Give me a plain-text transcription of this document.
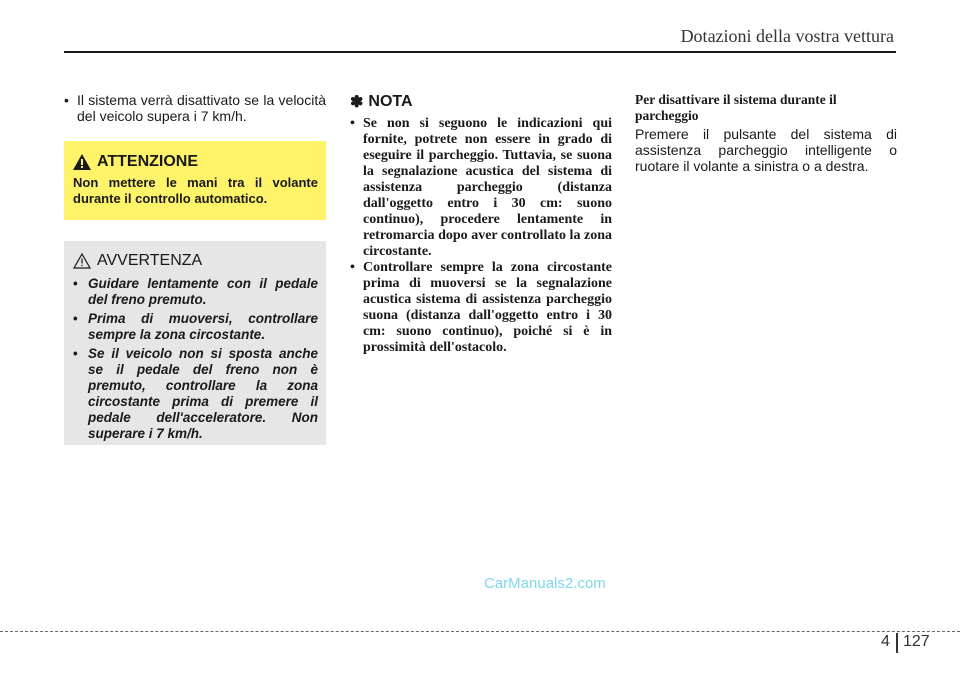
Dotazioni della vostra vettura
• Il sistema verrà disattivato se la velocità del veicolo supera i 7 km/h.
ATTENZIONE
Non mettere le mani tra il volante durante il controllo automatico.
AVVERTENZA
• Guidare lentamente con il pedale del freno premuto.
• Prima di muoversi, controllare sempre la zona circostante.
• Se il veicolo non si sposta anche se il pedale del freno non è premuto, controllare la zona circostante prima di premere il pedale dell'acceleratore. Non superare i 7 km/h.
✽ NOTA
• Se non si seguono le indicazioni qui fornite, potrete non essere in grado di eseguire il parcheggio. Tuttavia, se suona la segnalazione acustica del sistema di assistenza parcheggio (distanza dall'oggetto entro i 30 cm: suono continuo), procedere lentamente in retromarcia dopo aver controllato la zona circostante.
• Controllare sempre la zona circostante prima di muoversi se la segnalazione acustica sistema di assistenza parcheggio suona (distanza dall'oggetto entro i 30 cm: suono continuo), poiché si è in prossimità dell'ostacolo.
Per disattivare il sistema durante il parcheggio
Premere il pulsante del sistema di assistenza parcheggio intelligente o ruotare il volante a sinistra o a destra.
CarManuals2.com
4 127
